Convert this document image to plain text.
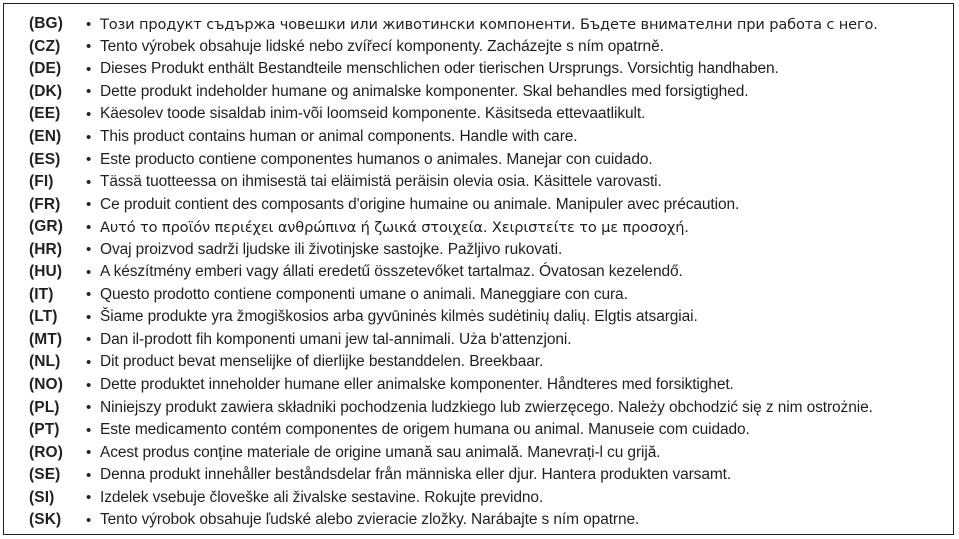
(BG)	• Този продукт съдържа човешки или животински компоненти. Бъдете внимателни при работа с него.
(CZ)	• Tento výrobek obsahuje lidské nebo zvířecí komponenty. Zacházejte s ním opatrně.
(DE)	• Dieses Produkt enthält Bestandteile menschlichen oder tierischen Ursprungs. Vorsichtig handhaben.
(DK)	• Dette produkt indeholder humane og animalske komponenter. Skal behandles med forsigtighed.
(EE)	• Käesolev toode sisaldab inim-või loomseid komponente. Käsitseda ettevaatlikult.
(EN)	• This product contains human or animal components. Handle with care.
(ES)	• Este producto contiene componentes humanos o animales. Manejar con cuidado.
(FI)	• Tässä tuotteessa on ihmisestä tai eläimistä peräisin olevia osia. Käsittele varovasti.
(FR)	• Ce produit contient des composants d'origine humaine ou animale. Manipuler avec précaution.
(GR)	• Αυτό το προϊόν περιέχει ανθρώπινα ή ζωικά στοιχεία. Χειριστείτε το με προσοχή.
(HR)	• Ovaj proizvod sadrži ljudske ili životinjske sastojke. Pažljivo rukovati.
(HU)	• A készítmény emberi vagy állati eredetű összetevőket tartalmaz. Óvatosan kezelendő.
(IT)	• Questo prodotto contiene componenti umane o animali. Maneggiare con cura.
(LT)	• Šiame produkte yra žmogiškosios arba gyvūninės kilmės sudėtinių dalių. Elgtis atsargiai.
(MT)	• Dan il-prodott fih komponenti umani jew tal-annimali. Uża b'attenzjoni.
(NL)	• Dit product bevat menselijke of dierlijke bestanddelen. Breekbaar.
(NO)	• Dette produktet inneholder humane eller animalske komponenter. Håndteres med forsiktighet.
(PL)	• Niniejszy produkt zawiera składniki pochodzenia ludzkiego lub zwierzęcego. Należy obchodzić się z nim ostrożnie.
(PT)	• Este medicamento contém componentes de origem humana ou animal. Manuseie com cuidado.
(RO)	• Acest produs conține materiale de origine umană sau animală. Manevrați-l cu grijă.
(SE)	• Denna produkt innehåller beståndsdelar från människa eller djur. Hantera produkten varsamt.
(SI)	• Izdelek vsebuje človeške ali živalske sestavine. Rokujte previdno.
(SK)	• Tento výrobok obsahuje ľudské alebo zvieracie zložky. Narábajte s ním opatrne.
